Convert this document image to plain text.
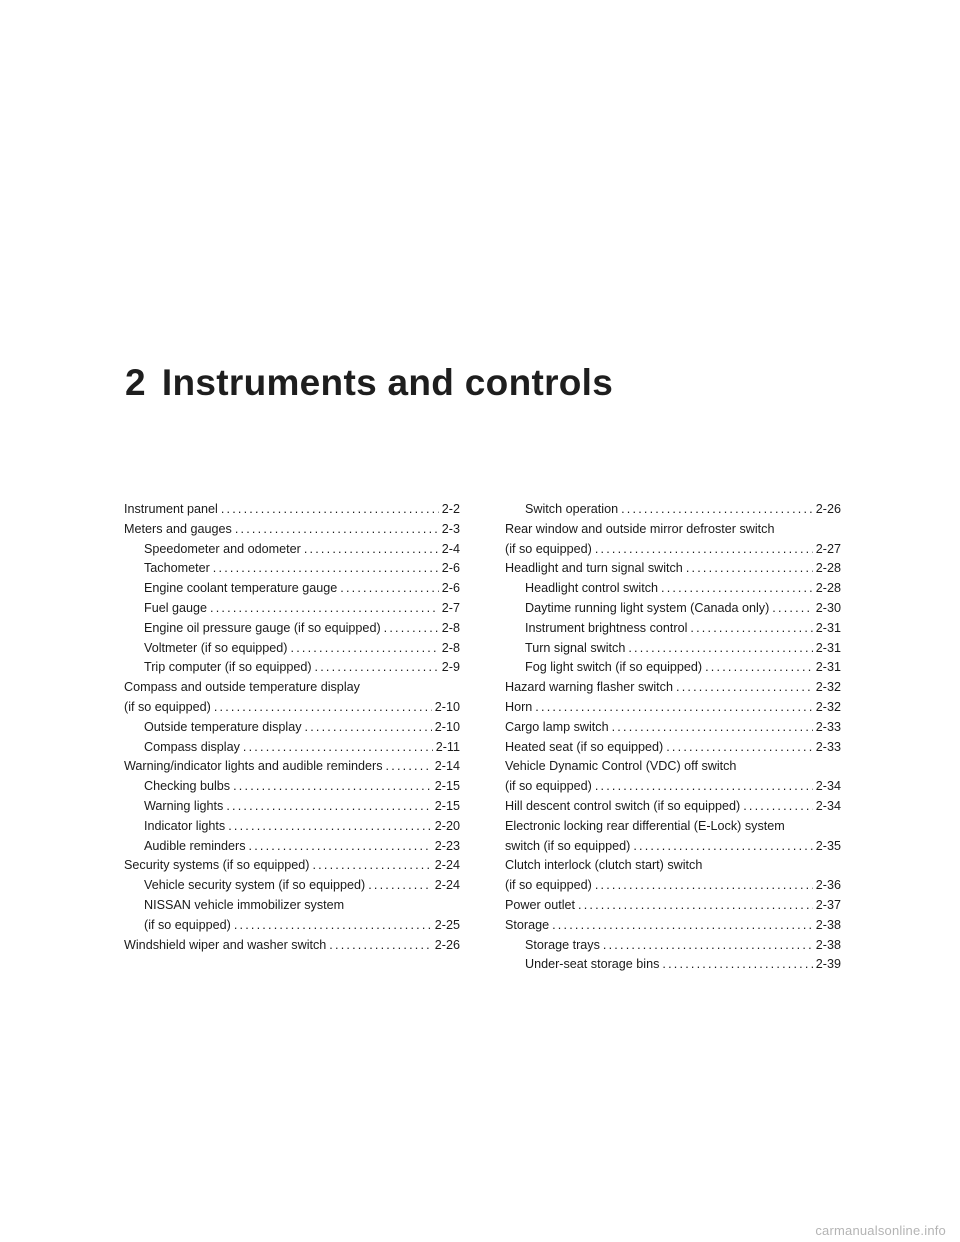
2 Instruments and controls
Instrument panel .....	2-2
Meters and gauges .....	2-3
Speedometer and odometer .....	2-4
Tachometer .....	2-6
Engine coolant temperature gauge .....	2-6
Fuel gauge .....	2-7
Engine oil pressure gauge (if so equipped) .....	2-8
Voltmeter (if so equipped) .....	2-8
Trip computer (if so equipped) .....	2-9
Compass and outside temperature display
(if so equipped) .....	2-10
Outside temperature display .....	2-10
Compass display .....	2-11
Warning/indicator lights and audible reminders .....	2-14
Checking bulbs .....	2-15
Warning lights .....	2-15
Indicator lights .....	2-20
Audible reminders .....	2-23
Security systems (if so equipped) .....	2-24
Vehicle security system (if so equipped) .....	2-24
NISSAN vehicle immobilizer system
(if so equipped) .....	2-25
Windshield wiper and washer switch .....	2-26
Switch operation .....	2-26
Rear window and outside mirror defroster switch
(if so equipped) .....	2-27
Headlight and turn signal switch .....	2-28
Headlight control switch .....	2-28
Daytime running light system (Canada only) .....	2-30
Instrument brightness control .....	2-31
Turn signal switch .....	2-31
Fog light switch (if so equipped) .....	2-31
Hazard warning flasher switch .....	2-32
Horn .....	2-32
Cargo lamp switch .....	2-33
Heated seat (if so equipped) .....	2-33
Vehicle Dynamic Control (VDC) off switch
(if so equipped) .....	2-34
Hill descent control switch (if so equipped) .....	2-34
Electronic locking rear differential (E-Lock) system
switch (if so equipped) .....	2-35
Clutch interlock (clutch start) switch
(if so equipped) .....	2-36
Power outlet .....	2-37
Storage .....	2-38
Storage trays .....	2-38
Under-seat storage bins .....	2-39
carmanualsonline.info
